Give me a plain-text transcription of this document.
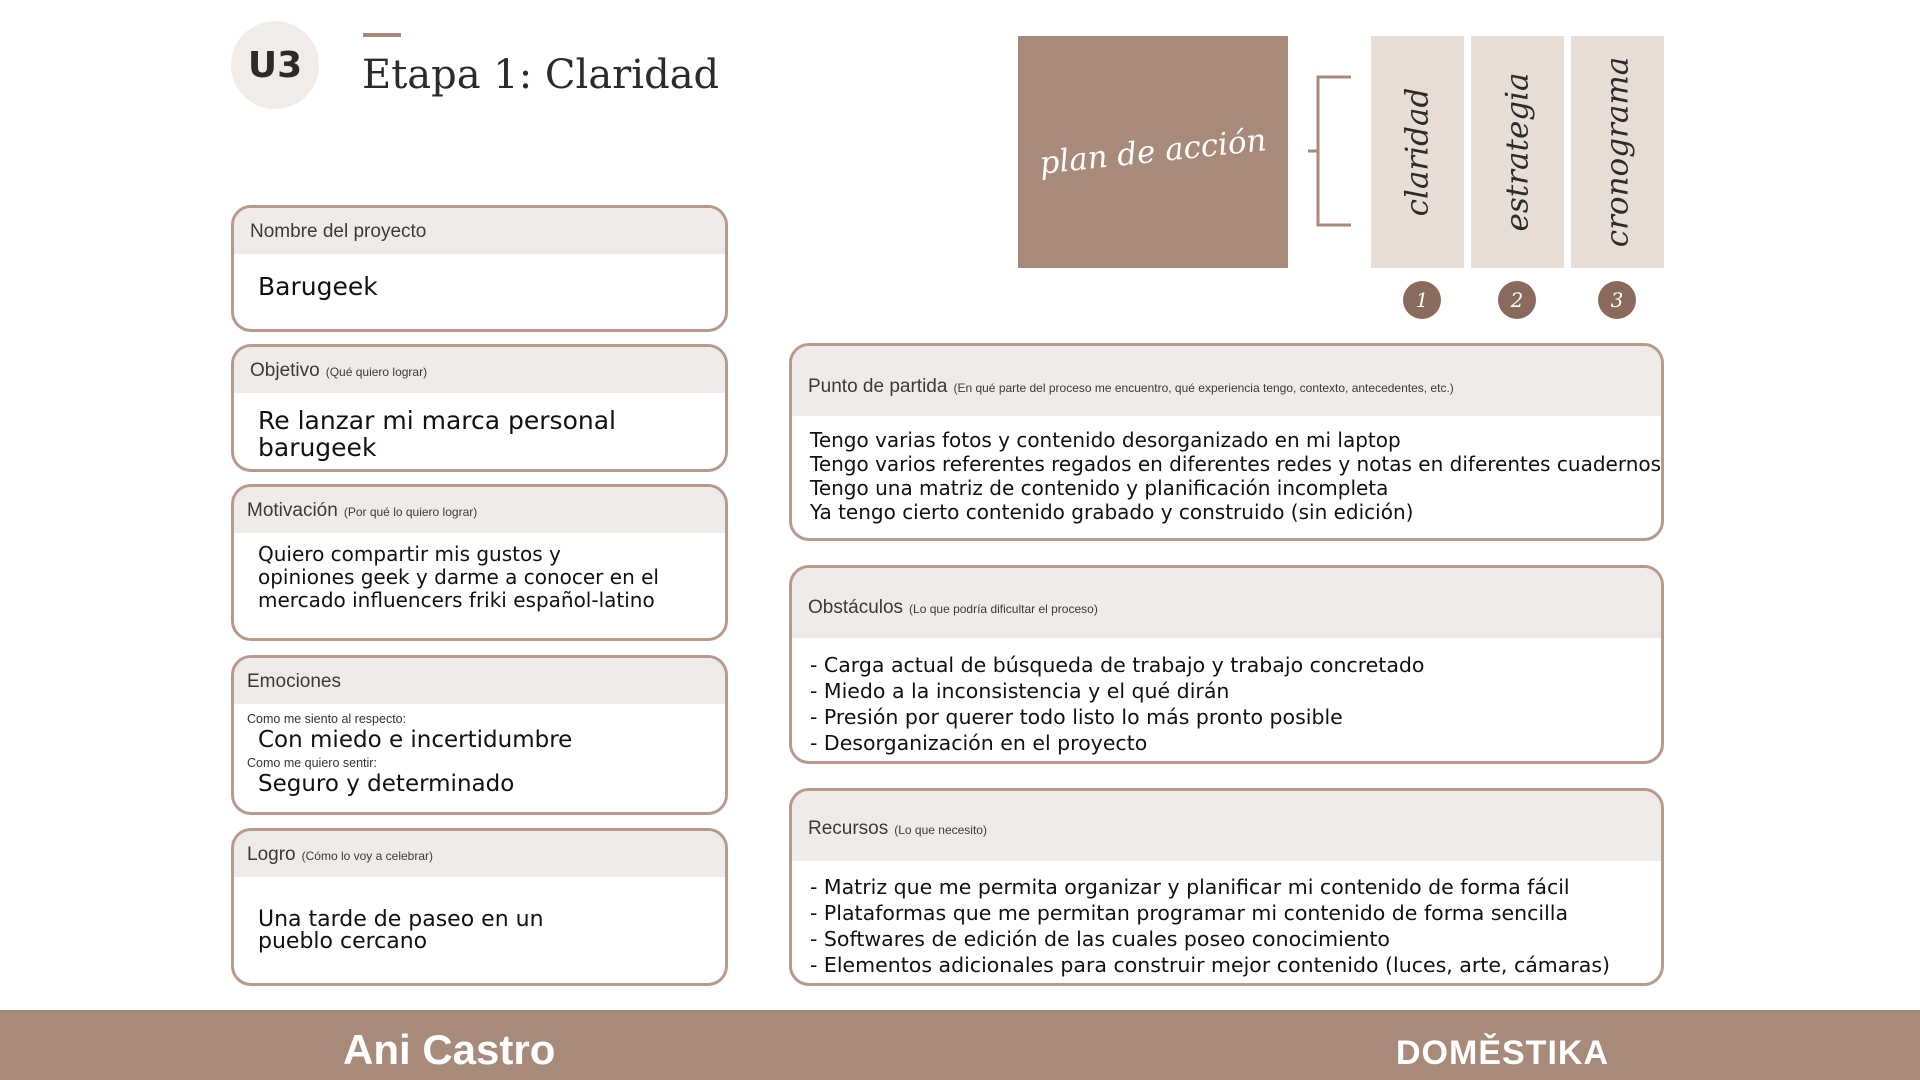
U3	Etapa 1: Claridad
plan de acción	claridad estrategia cronograma
1	2	3
Nombre del proyecto

Barugeek

Objetivo (Qué quiero lograr)

Re lanzar mi marca personal

barugeek

Motivación (Por qué lo quiero lograr)

Quiero compartir mis gustos y

opiniones geek y darme a conocer en el

mercado influencers friki español-latino

Emociones

Como me siento al respecto:

Con miedo e incertidumbre

Como me quiero sentir:

Seguro y determinado

Logro (Cómo lo voy a celebrar)

Una tarde de paseo en un

pueblo cercano

Punto de partida (En qué parte del proceso me encuentro, qué experiencia tengo, contexto, antecedentes, etc.)

Tengo varias fotos y contenido desorganizado en mi laptop

Tengo varios referentes regados en diferentes redes y notas en diferentes cuadernos

Tengo una matriz de contenido y planificación incompleta

Ya tengo cierto contenido grabado y construido (sin edición)

Obstáculos (Lo que podría dificultar el proceso)

- Carga actual de búsqueda de trabajo y trabajo concretado

- Miedo a la inconsistencia y el qué dirán

- Presión por querer todo listo lo más pronto posible

- Desorganización en el proyecto

Recursos (Lo que necesito)

- Matriz que me permita organizar y planificar mi contenido de forma fácil

- Plataformas que me permitan programar mi contenido de forma sencilla

- Softwares de edición de las cuales poseo conocimiento

- Elementos adicionales para construir mejor contenido (luces, arte, cámaras)

Ani Castro	DOMĚSTIKA
